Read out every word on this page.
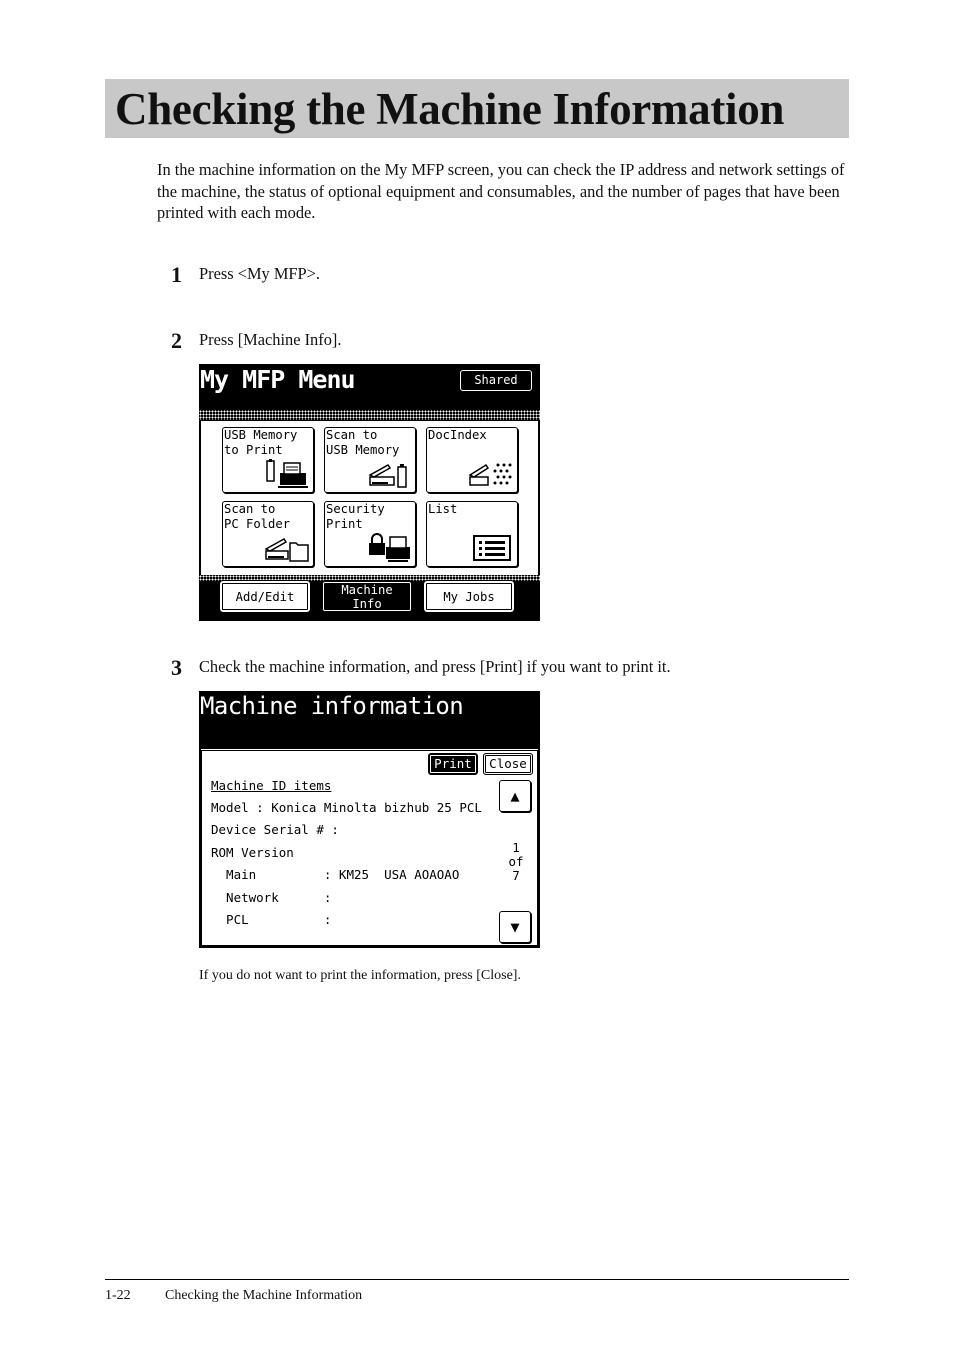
Checking the Machine Information

In the machine information on the My MFP screen, you can check the IP address and network settings of the machine, the status of optional equipment and consumables, and the number of pages that have been printed with each mode.

1 Press <My MFP>.
2 Press [Machine Info].
My MFP Menu	Shared
USB Memory
to Print
Scan to
USB Memory
DocIndex
Scan to
PC Folder
Security
Print
List
Add/Edit	Machine
Info	My Jobs
3 Check the machine information, and press [Print] if you want to print it.
Machine information
Print	Close
Machine ID items
Model : Konica Minolta bizhub 25 PCL
Device Serial # :
ROM Version
Main         : KM25  USA AOAOAO
Network      :
PCL          :
▲
1
of
7
▼
If you do not want to print the information, press [Close].
1-22 Checking the Machine Information
